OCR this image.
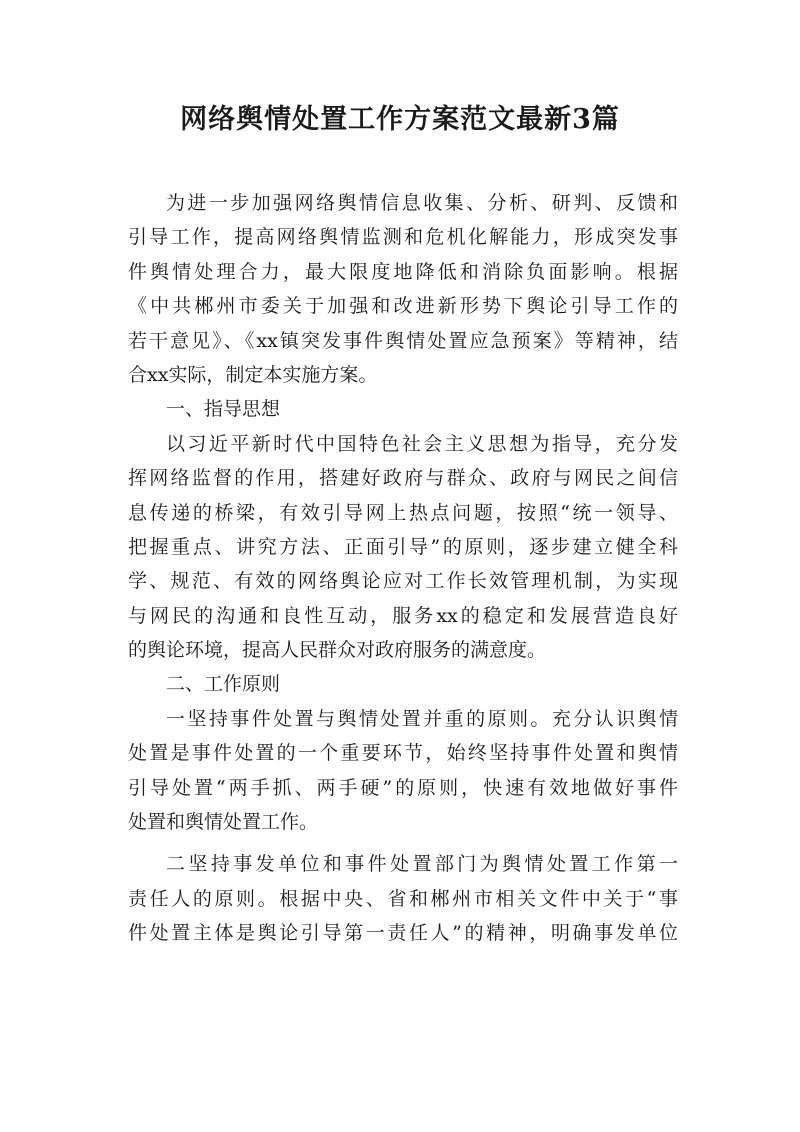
网络舆情处置工作方案范文最新3篇
为进一步加强网络舆情信息收集、分析、研判、反馈和
引导工作，提高网络舆情监测和危机化解能力，形成突发事
件舆情处理合力，最大限度地降低和消除负面影响。根据
《中共郴州市委关于加强和改进新形势下舆论引导工作的
若干意见》、《xx镇突发事件舆情处置应急预案》等精神，结
合xx实际，制定本实施方案。
一、指导思想
以习近平新时代中国特色社会主义思想为指导，充分发
挥网络监督的作用，搭建好政府与群众、政府与网民之间信
息传递的桥梁，有效引导网上热点问题，按照“统一领导、
把握重点、讲究方法、正面引导”的原则，逐步建立健全科
学、规范、有效的网络舆论应对工作长效管理机制，为实现
与网民的沟通和良性互动，服务xx的稳定和发展营造良好
的舆论环境，提高人民群众对政府服务的满意度。
二、工作原则
一坚持事件处置与舆情处置并重的原则。充分认识舆情
处置是事件处置的一个重要环节，始终坚持事件处置和舆情
引导处置“两手抓、两手硬”的原则，快速有效地做好事件
处置和舆情处置工作。
二坚持事发单位和事件处置部门为舆情处置工作第一
责任人的原则。根据中央、省和郴州市相关文件中关于“事
件处置主体是舆论引导第一责任人”的精神，明确事发单位
